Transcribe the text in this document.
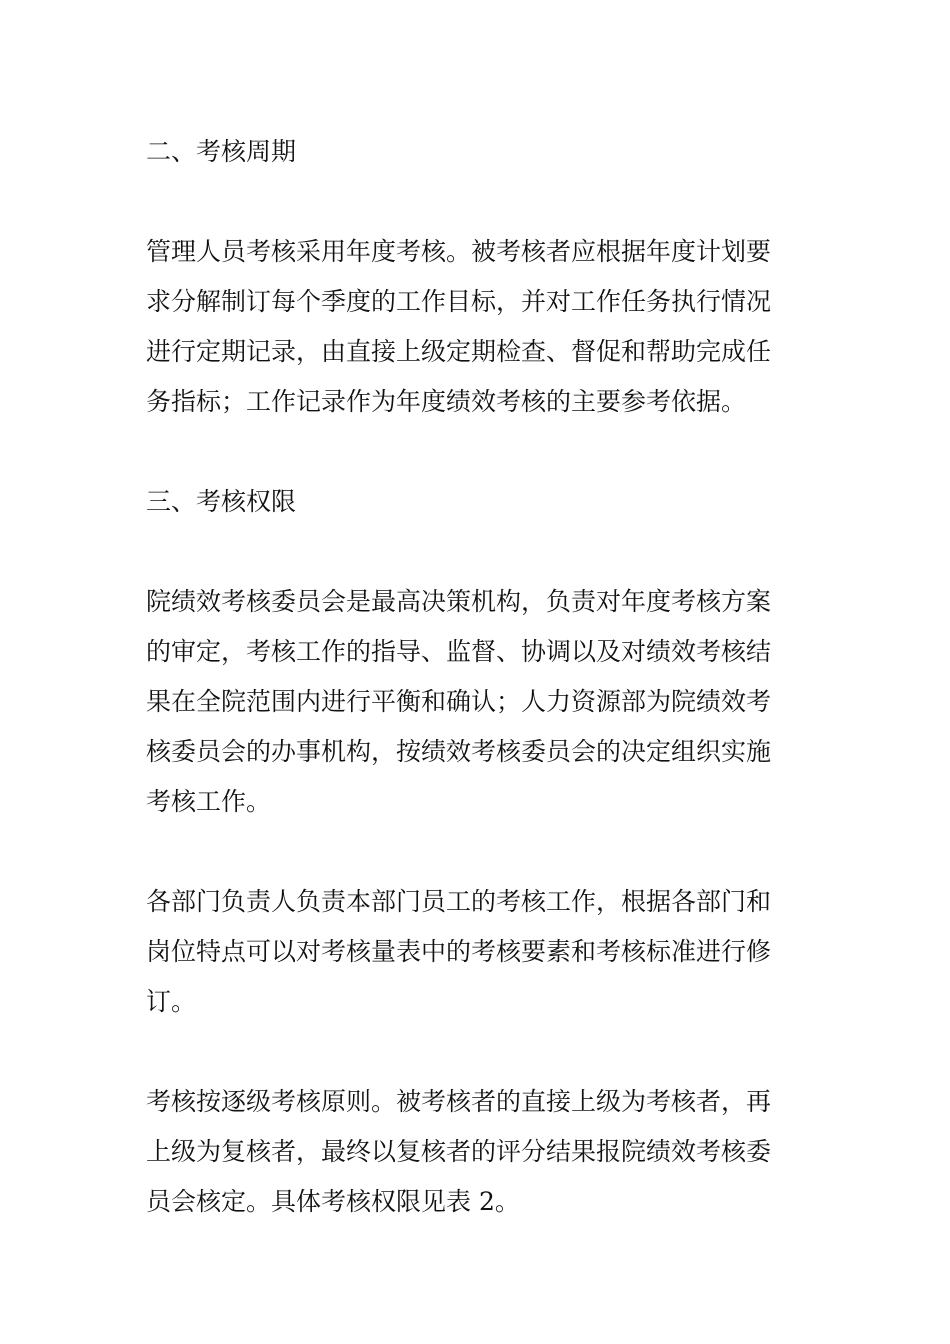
二、考核周期
管理人员考核采用年度考核。被考核者应根据年度计划要
求分解制订每个季度的工作目标，并对工作任务执行情况
进行定期记录，由直接上级定期检查、督促和帮助完成任
务指标；工作记录作为年度绩效考核的主要参考依据。
三、考核权限
院绩效考核委员会是最高决策机构，负责对年度考核方案
的审定，考核工作的指导、监督、协调以及对绩效考核结
果在全院范围内进行平衡和确认；人力资源部为院绩效考
核委员会的办事机构，按绩效考核委员会的决定组织实施
考核工作。
各部门负责人负责本部门员工的考核工作，根据各部门和
岗位特点可以对考核量表中的考核要素和考核标准进行修
订。
考核按逐级考核原则。被考核者的直接上级为考核者，再
上级为复核者，最终以复核者的评分结果报院绩效考核委
员会核定。具体考核权限见表 2。
